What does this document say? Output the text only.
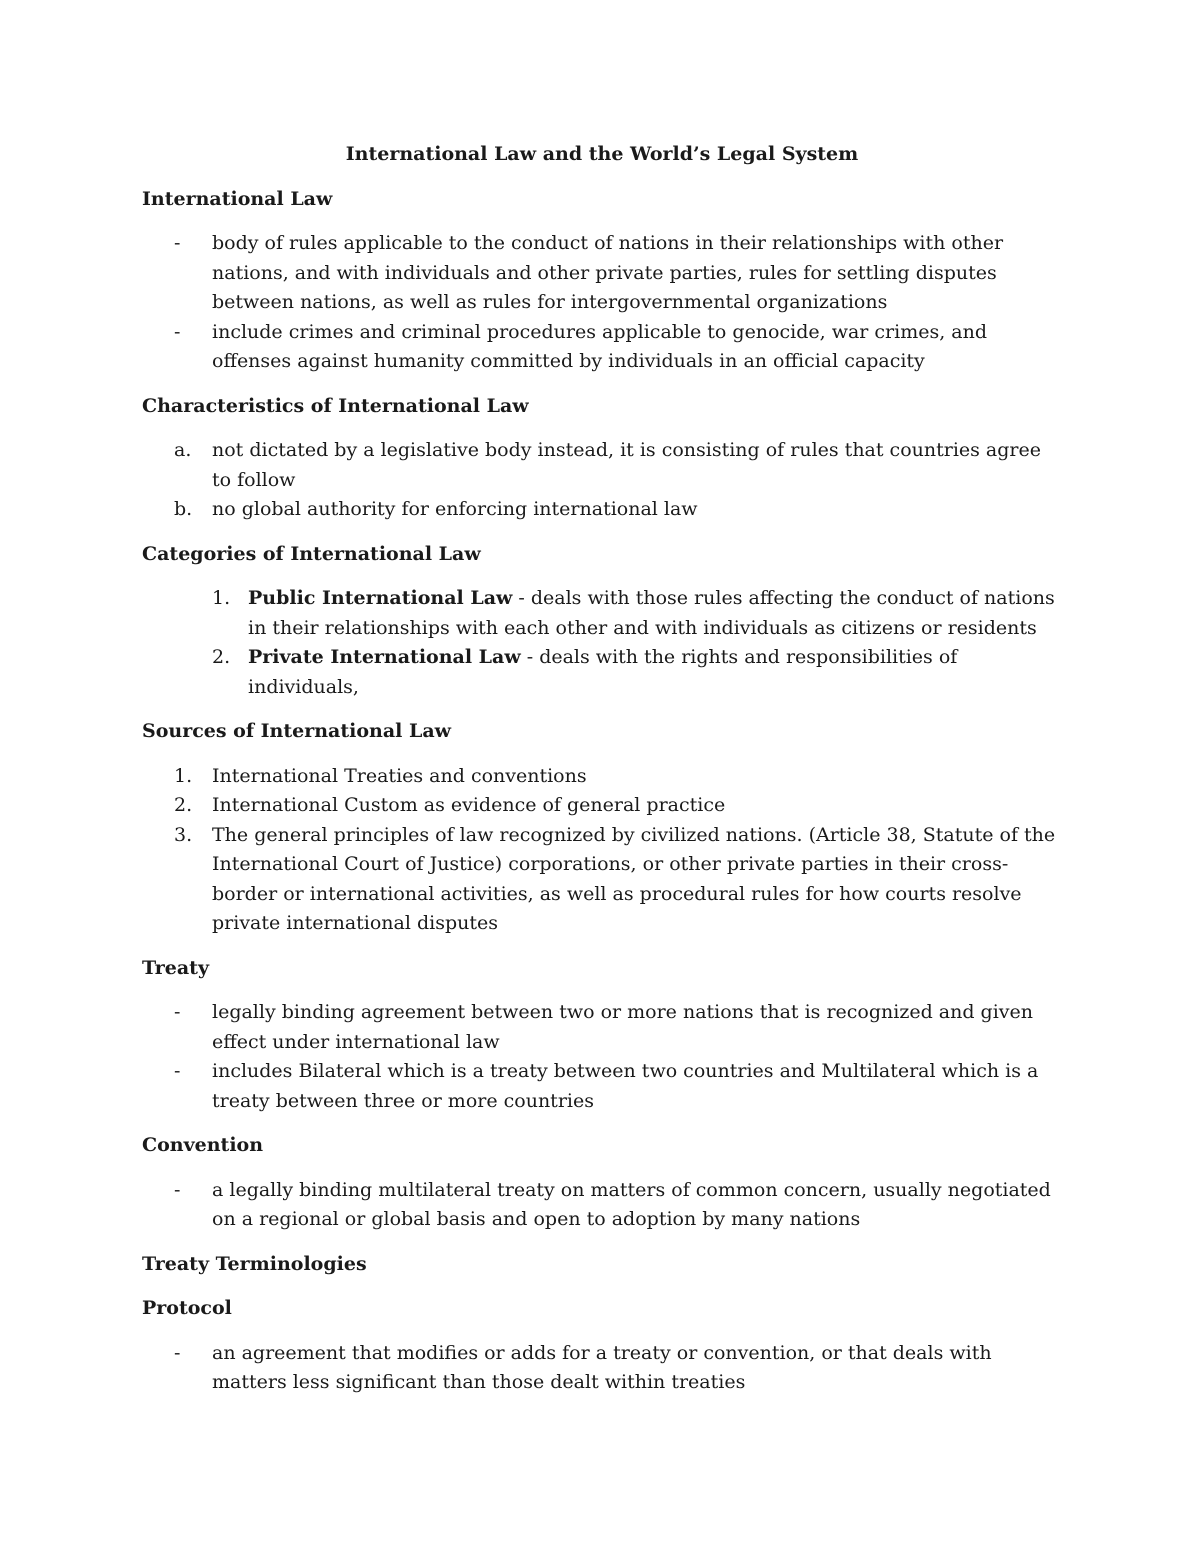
International Law and the World’s Legal System
International Law
- body of rules applicable to the conduct of nations in their relationships with other nations, and with individuals and other private parties, rules for settling disputes between nations, as well as rules for intergovernmental organizations
- include crimes and criminal procedures applicable to genocide, war crimes, and offenses against humanity committed by individuals in an official capacity
Characteristics of International Law
a. not dictated by a legislative body instead, it is consisting of rules that countries agree to follow
b. no global authority for enforcing international law
Categories of International Law
1. Public International Law - deals with those rules affecting the conduct of nations in their relationships with each other and with individuals as citizens or residents
2. Private International Law - deals with the rights and responsibilities of individuals,
Sources of International Law
1. International Treaties and conventions
2. International Custom as evidence of general practice
3. The general principles of law recognized by civilized nations. (Article 38, Statute of the International Court of Justice) corporations, or other private parties in their cross-border or international activities, as well as procedural rules for how courts resolve private international disputes
Treaty
- legally binding agreement between two or more nations that is recognized and given effect under international law
- includes Bilateral which is a treaty between two countries and Multilateral which is a treaty between three or more countries
Convention
- a legally binding multilateral treaty on matters of common concern, usually negotiated on a regional or global basis and open to adoption by many nations
Treaty Terminologies
Protocol
- an agreement that modifies or adds for a treaty or convention, or that deals with matters less significant than those dealt within treaties
